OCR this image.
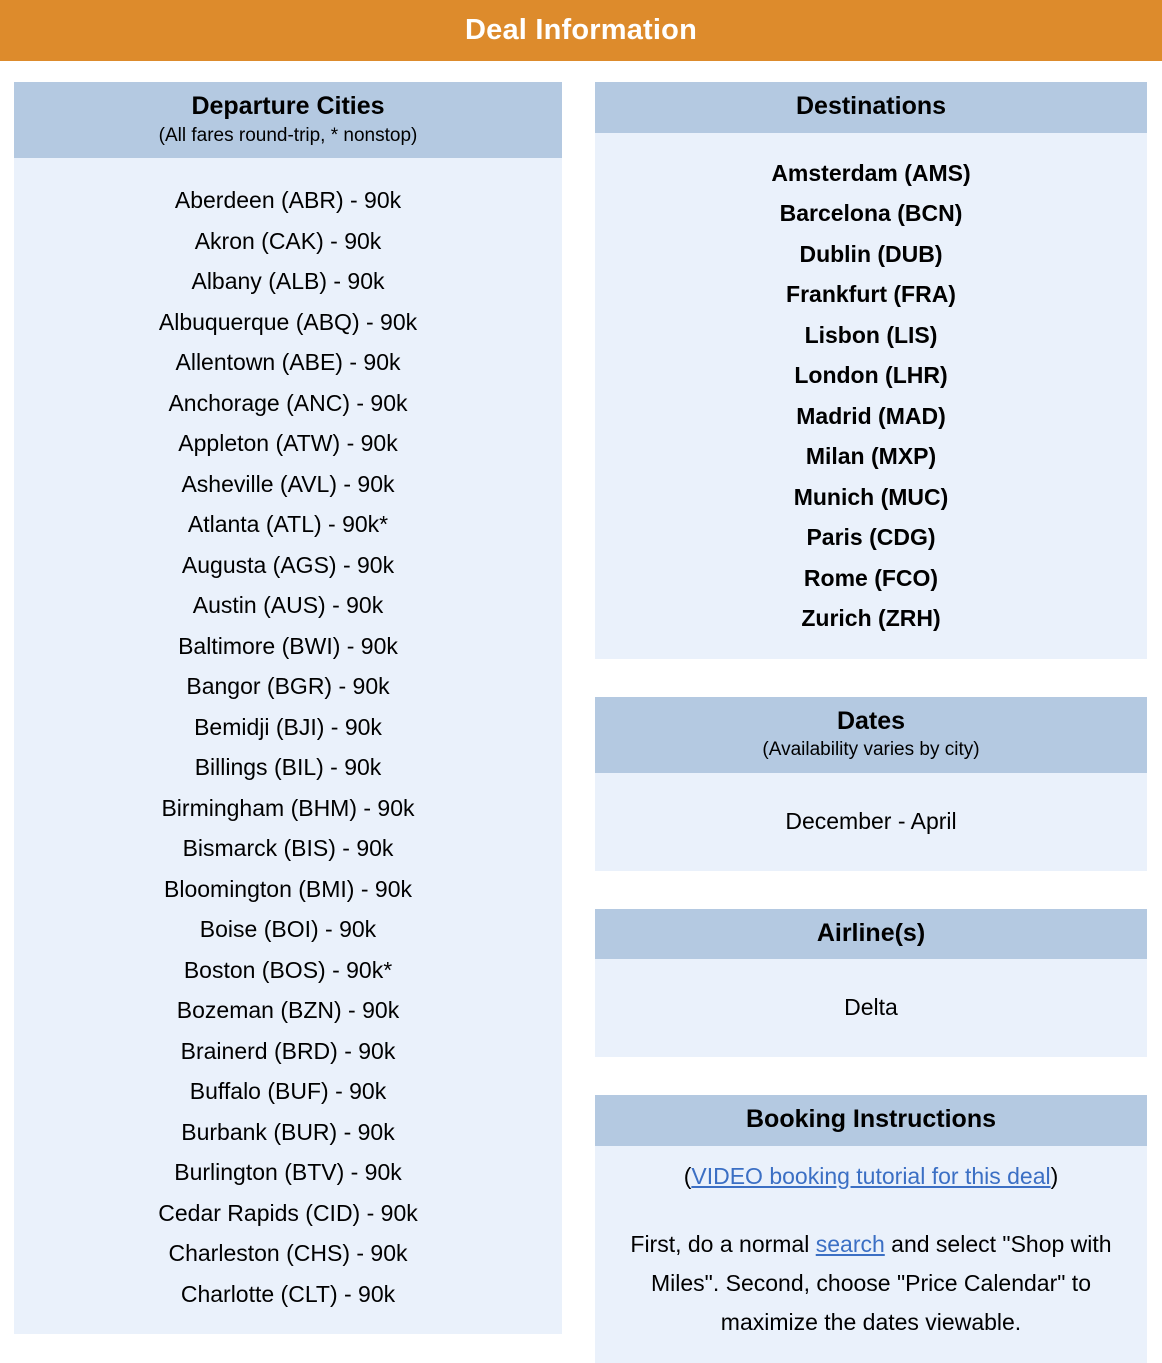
Deal Information
Departure Cities
(All fares round-trip, * nonstop)
Aberdeen (ABR) - 90k
Akron (CAK) - 90k
Albany (ALB) - 90k
Albuquerque (ABQ) - 90k
Allentown (ABE) - 90k
Anchorage (ANC) - 90k
Appleton (ATW) - 90k
Asheville (AVL) - 90k
Atlanta (ATL) - 90k*
Augusta (AGS) - 90k
Austin (AUS) - 90k
Baltimore (BWI) - 90k
Bangor (BGR) - 90k
Bemidji (BJI) - 90k
Billings (BIL) - 90k
Birmingham (BHM) - 90k
Bismarck (BIS) - 90k
Bloomington (BMI) - 90k
Boise (BOI) - 90k
Boston (BOS) - 90k*
Bozeman (BZN) - 90k
Brainerd (BRD) - 90k
Buffalo (BUF) - 90k
Burbank (BUR) - 90k
Burlington (BTV) - 90k
Cedar Rapids (CID) - 90k
Charleston (CHS) - 90k
Charlotte (CLT) - 90k
Destinations
Amsterdam (AMS)
Barcelona (BCN)
Dublin (DUB)
Frankfurt (FRA)
Lisbon (LIS)
London (LHR)
Madrid (MAD)
Milan (MXP)
Munich (MUC)
Paris (CDG)
Rome (FCO)
Zurich (ZRH)
Dates
(Availability varies by city)
December - April
Airline(s)
Delta
Booking Instructions
(VIDEO booking tutorial for this deal)
First, do a normal search and select "Shop with Miles". Second, choose "Price Calendar" to maximize the dates viewable.
